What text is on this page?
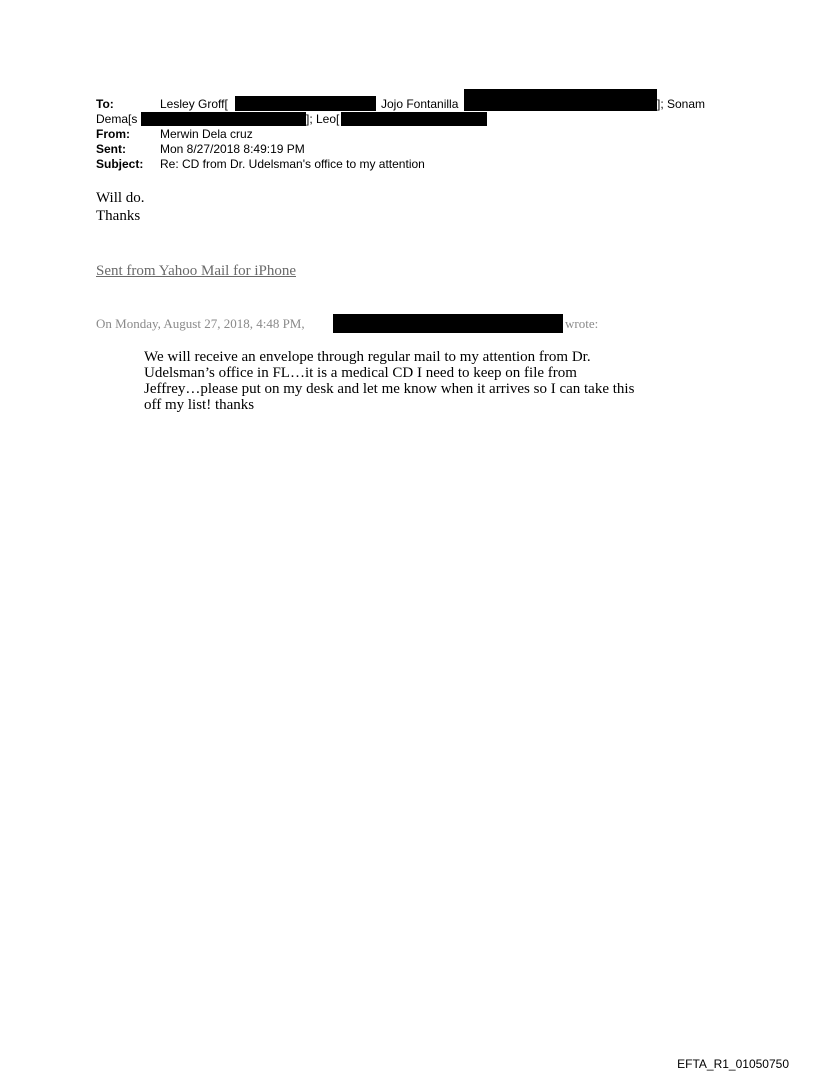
To:	Lesley Groff[	Jojo Fontanilla	]; Sonam
Dema[s	]; Leo[
From:	Merwin Dela cruz
Sent:	Mon 8/27/2018 8:49:19 PM
Subject: Re: CD from Dr. Udelsman's office to my attention
Will do.
Thanks
Sent from Yahoo Mail for iPhone
On Monday, August 27, 2018, 4:48 PM,	wrote:
We will receive an envelope through regular mail to my attention from Dr.
Udelsman’s office in FL…it is a medical CD I need to keep on file from
Jeffrey…please put on my desk and let me know when it arrives so I can take this
off my list! thanks
EFTA_R1_01050750
